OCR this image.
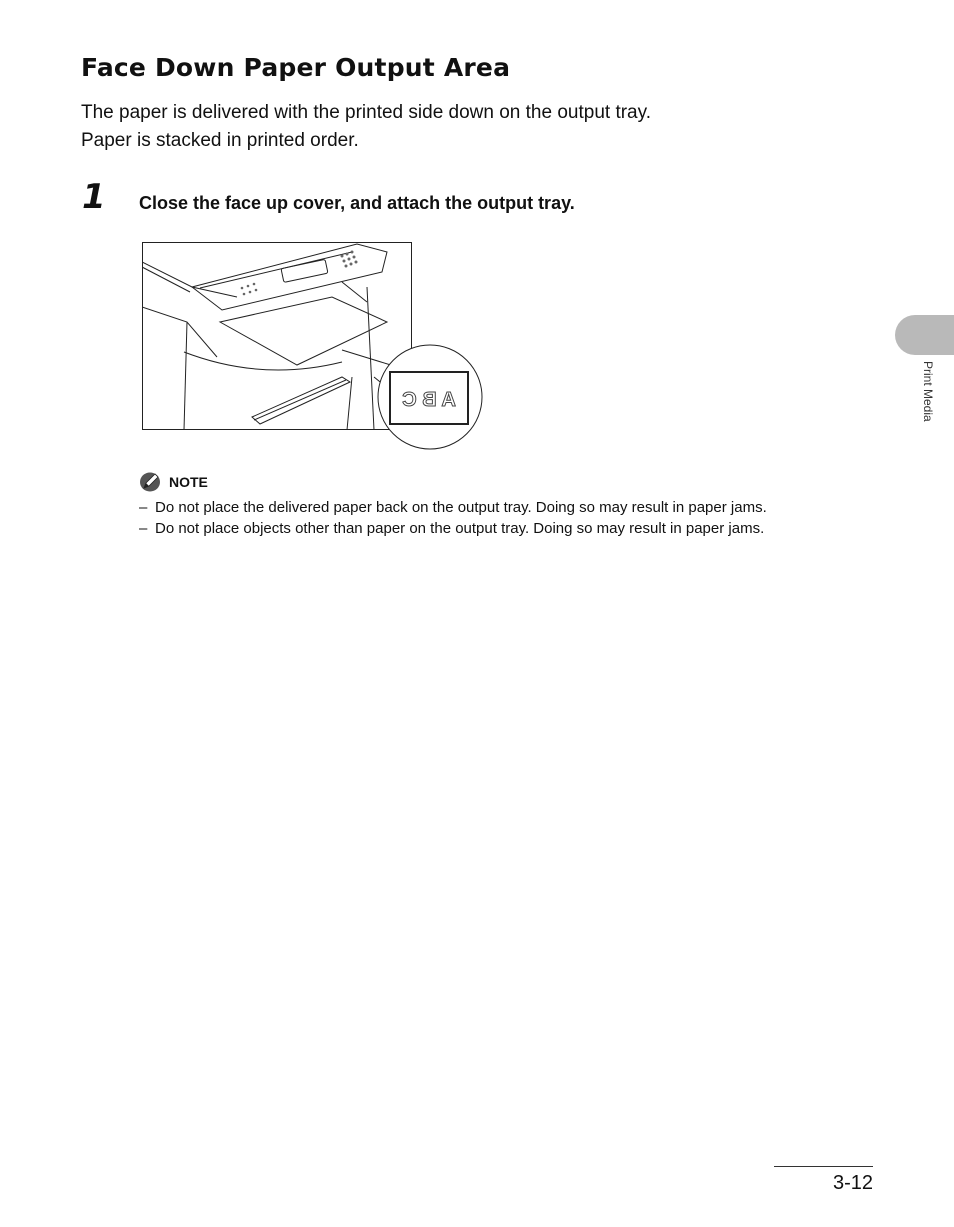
Face Down Paper Output Area

The paper is delivered with the printed side down on the output tray.

Paper is stacked in printed order.

1 Close the face up cover, and attach the output tray.
A B C
NOTE
– Do not place the delivered paper back on the output tray. Doing so may result in paper jams.
– Do not place objects other than paper on the output tray. Doing so may result in paper jams.
Print Media
3-12
